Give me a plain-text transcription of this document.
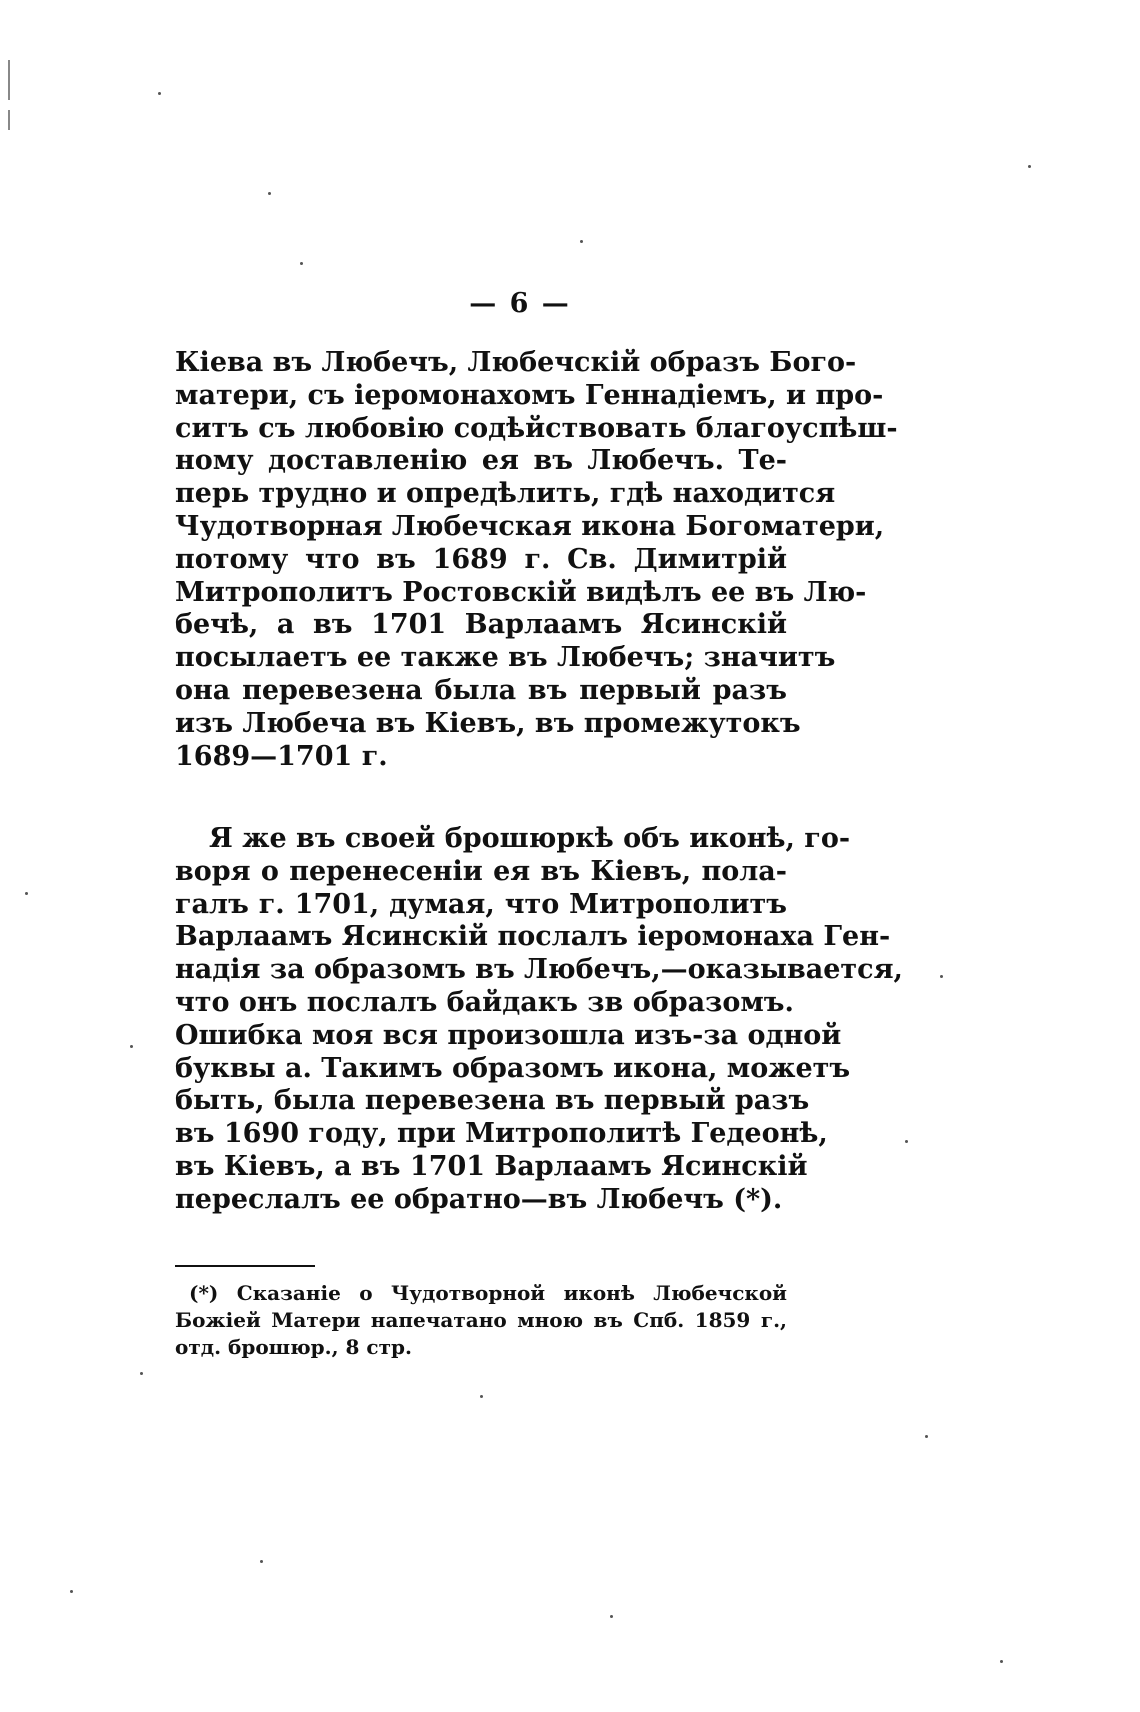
— 6 —
Кіева въ Любечъ, Любечскій образъ Бого-
матери, съ іеромонахомъ Геннадіемъ, и про-
ситъ съ любовію содѣйствовать благоуспѣш-
ному доставленію ея въ Любечъ. Те-
перь трудно и опредѣлить, гдѣ находится
Чудотворная Любечская икона Богоматери,
потому что въ 1689 г. Св. Димитрій
Митрополитъ Ростовскій видѣлъ ее въ Лю-
бечѣ, а въ 1701 Варлаамъ Ясинскій
посылаетъ ее также въ Любечъ; значитъ
она перевезена была въ первый разъ
изъ Любеча въ Кіевъ, въ промежутокъ
1689—1701 г.
Я же въ своей брошюркѣ объ иконѣ, го-
воря о перенесеніи ея въ Кіевъ, пола-
галъ г. 1701, думая, что Митрополитъ
Варлаамъ Ясинскій послалъ іеромонаха Ген-
надія за образомъ въ Любечъ,—оказывается,
что онъ послалъ байдакъ зв образомъ.
Ошибка моя вся произошла изъ-за одной
буквы а. Такимъ образомъ икона, можетъ
быть, была перевезена въ первый разъ
въ 1690 году, при Митрополитѣ Гедеонѣ,
въ Кіевъ, а въ 1701 Варлаамъ Ясинскій
переслалъ ее обратно—въ Любечъ (*).
(*) Сказаніе о Чудотворной иконѣ Любечской
Божіей Матери напечатано мною въ Спб. 1859 г.,
отд. брошюр., 8 стр.
